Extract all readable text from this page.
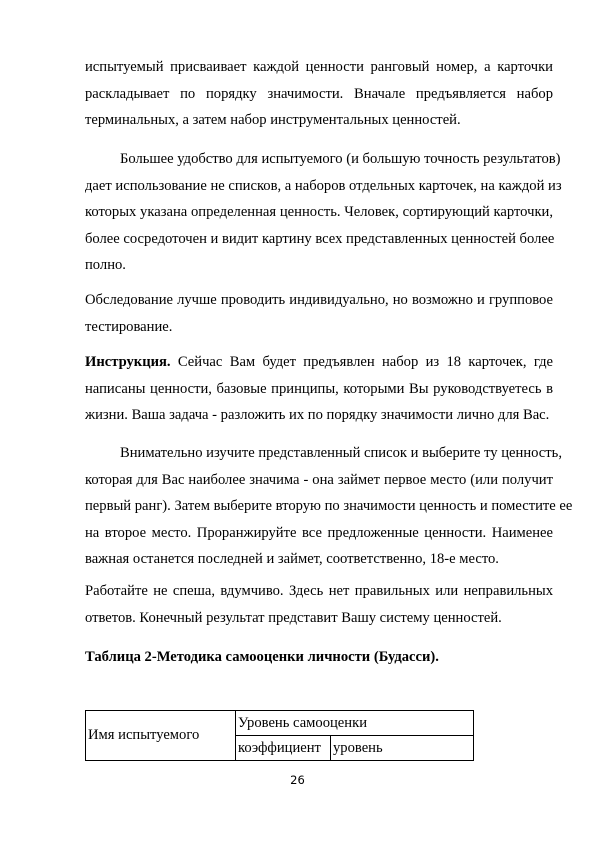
испытуемый присваивает каждой ценности ранговый номер, а карточки
раскладывает по порядку значимости. Вначале предъявляется набор
терминальных, а затем набор инструментальных ценностей.
Большее удобство для испытуемого (и большую точность результатов)
дает использование не списков, а наборов отдельных карточек, на каждой из
которых указана определенная ценность. Человек, сортирующий карточки,
более сосредоточен и видит картину всех представленных ценностей более
полно.
Обследование лучше проводить индивидуально, но возможно и групповое
тестирование.
Инструкция. Сейчас Вам будет предъявлен набор из 18 карточек, где
написаны ценности, базовые принципы, которыми Вы руководствуетесь в
жизни. Ваша задача - разложить их по порядку значимости лично для Вас.
Внимательно изучите представленный список и выберите ту ценность,
которая для Вас наиболее значима - она займет первое место (или получит
первый ранг). Затем выберите вторую по значимости ценность и поместите ее
на второе место. Проранжируйте все предложенные ценности. Наименее
важная останется последней и займет, соответственно, 18-е место.
Работайте не спеша, вдумчиво. Здесь нет правильных или неправильных
ответов. Конечный результат представит Вашу систему ценностей.
Таблица 2-Методика самооценки личности (Будасси).
Имя испытуемого	Уровень самооценки	
	коэффициент	уровень
26
